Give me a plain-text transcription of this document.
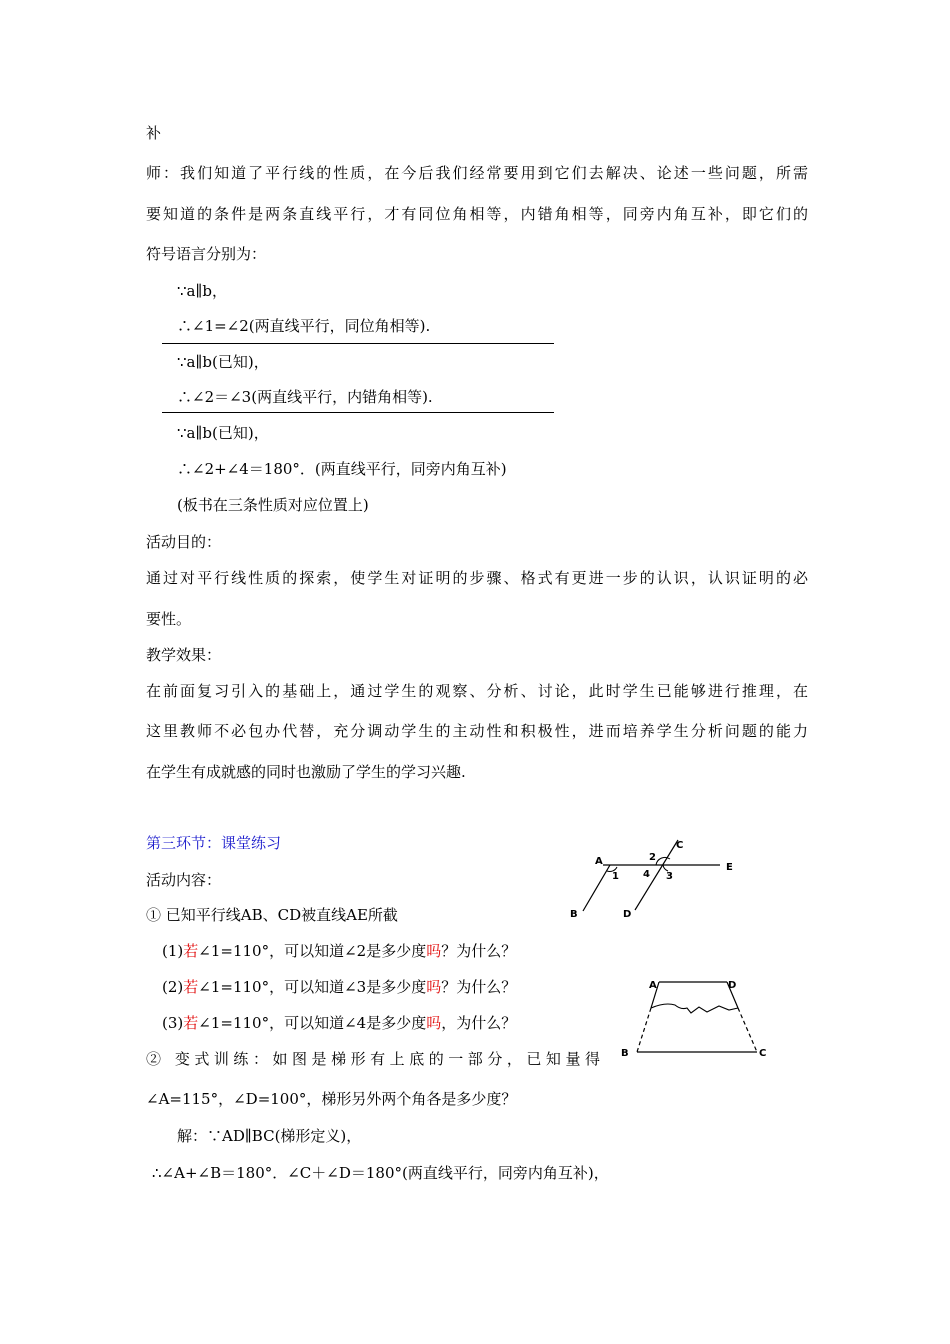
补
师：我们知道了平行线的性质，在今后我们经常要用到它们去解决、论述一些问题，所需
要知道的条件是两条直线平行，才有同位角相等，内错角相等，同旁内角互补，即它们的
符号语言分别为：
∵a∥b，
∴∠1=∠2(两直线平行，同位角相等).
∵a∥b(已知)，
∴∠2＝∠3(两直线平行，内错角相等).
∵a∥b(已知)，
∴∠2+∠4＝180°．(两直线平行，同旁内角互补)
(板书在三条性质对应位置上)
活动目的：
通过对平行线性质的探索，使学生对证明的步骤、格式有更进一步的认识，认识证明的必
要性。
教学效果：
在前面复习引入的基础上，通过学生的观察、分析、讨论，此时学生已能够进行推理，在
这里教师不必包办代替，充分调动学生的主动性和积极性，进而培养学生分析问题的能力
在学生有成就感的同时也激励了学生的学习兴趣.
第三环节：课堂练习
活动内容：
① 已知平行线AB、CD被直线AE所截
(1)若∠1=110°，可以知道∠2是多少度吗？为什么？
(2)若∠1=110°，可以知道∠3是多少度吗？为什么？
(3)若∠1=110°，可以知道∠4是多少度吗，为什么？
② 变式训练：如图是梯形有上底的一部分，已知量得
∠A=115°，∠D=100°，梯形另外两个角各是多少度？
解：∵AD∥BC(梯形定义)，
∴∠A+∠B＝180°．∠C＋∠D＝180°(两直线平行，同旁内角互补)，
A
B
C
D
E
1
2
3
4
A	D
B	C
